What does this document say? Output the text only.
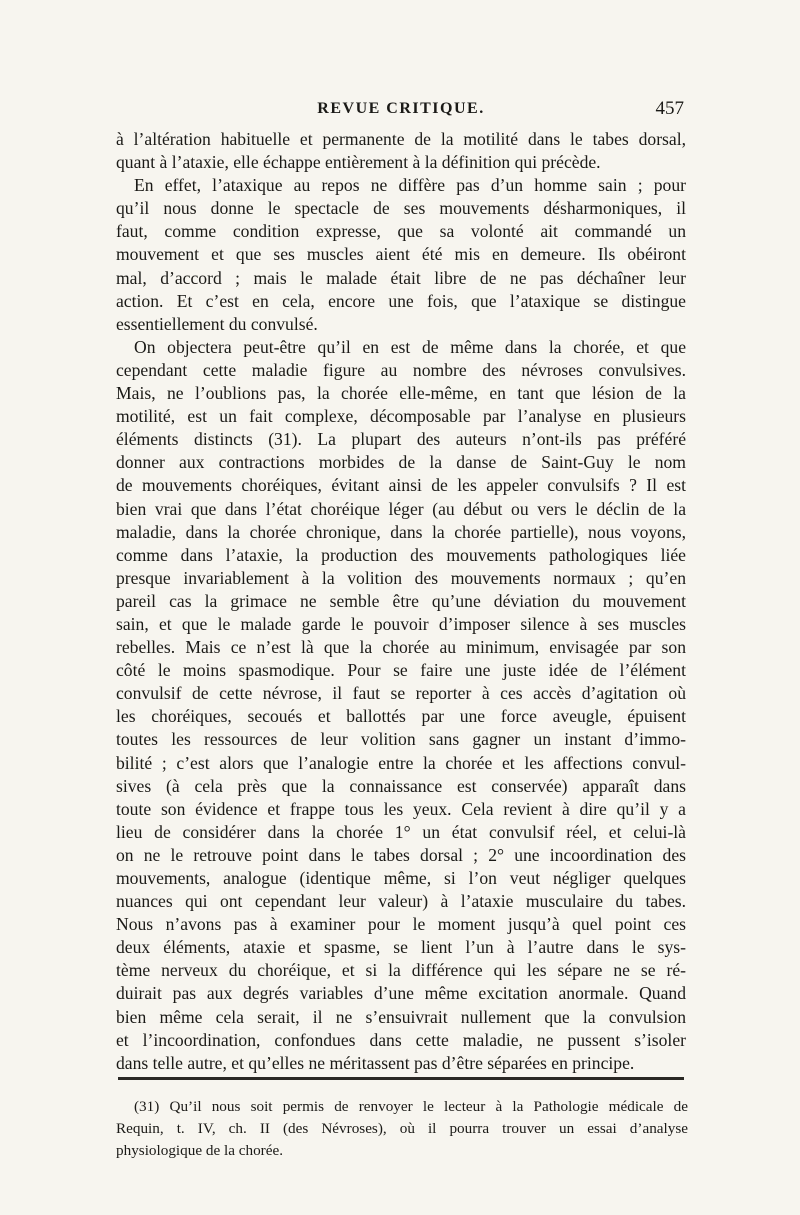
REVUE CRITIQUE.	457
à l’altération habituelle et permanente de la motilité dans le tabes dorsal,
quant à l’ataxie, elle échappe entièrement à la définition qui précède.
En effet, l’ataxique au repos ne diffère pas d’un homme sain ; pour
qu’il nous donne le spectacle de ses mouvements désharmoniques, il
faut, comme condition expresse, que sa volonté ait commandé un
mouvement et que ses muscles aient été mis en demeure. Ils obéiront
mal, d’accord ; mais le malade était libre de ne pas déchaîner leur
action. Et c’est en cela, encore une fois, que l’ataxique se distingue
essentiellement du convulsé.
On objectera peut-être qu’il en est de même dans la chorée, et que
cependant cette maladie figure au nombre des névroses convulsives.
Mais, ne l’oublions pas, la chorée elle-même, en tant que lésion de la
motilité, est un fait complexe, décomposable par l’analyse en plusieurs
éléments distincts (31). La plupart des auteurs n’ont-ils pas préféré
donner aux contractions morbides de la danse de Saint-Guy le nom
de mouvements choréiques, évitant ainsi de les appeler convulsifs ? Il est
bien vrai que dans l’état choréique léger (au début ou vers le déclin de la
maladie, dans la chorée chronique, dans la chorée partielle), nous voyons,
comme dans l’ataxie, la production des mouvements pathologiques liée
presque invariablement à la volition des mouvements normaux ; qu’en
pareil cas la grimace ne semble être qu’une déviation du mouvement
sain, et que le malade garde le pouvoir d’imposer silence à ses muscles
rebelles. Mais ce n’est là que la chorée au minimum, envisagée par son
côté le moins spasmodique. Pour se faire une juste idée de l’élément
convulsif de cette névrose, il faut se reporter à ces accès d’agitation où
les choréiques, secoués et ballottés par une force aveugle, épuisent
toutes les ressources de leur volition sans gagner un instant d’immo-
bilité ; c’est alors que l’analogie entre la chorée et les affections convul-
sives (à cela près que la connaissance est conservée) apparaît dans
toute son évidence et frappe tous les yeux. Cela revient à dire qu’il y a
lieu de considérer dans la chorée 1° un état convulsif réel, et celui-là
on ne le retrouve point dans le tabes dorsal ; 2° une incoordination des
mouvements, analogue (identique même, si l’on veut négliger quelques
nuances qui ont cependant leur valeur) à l’ataxie musculaire du tabes.
Nous n’avons pas à examiner pour le moment jusqu’à quel point ces
deux éléments, ataxie et spasme, se lient l’un à l’autre dans le sys-
tème nerveux du choréique, et si la différence qui les sépare ne se ré-
duirait pas aux degrés variables d’une même excitation anormale. Quand
bien même cela serait, il ne s’ensuivrait nullement que la convulsion
et l’incoordination, confondues dans cette maladie, ne pussent s’isoler
dans telle autre, et qu’elles ne méritassent pas d’être séparées en principe.
(31) Qu’il nous soit permis de renvoyer le lecteur à la Pathologie médicale de
Requin, t. IV, ch. II (des Névroses), où il pourra trouver un essai d’analyse
physiologique de la chorée.
